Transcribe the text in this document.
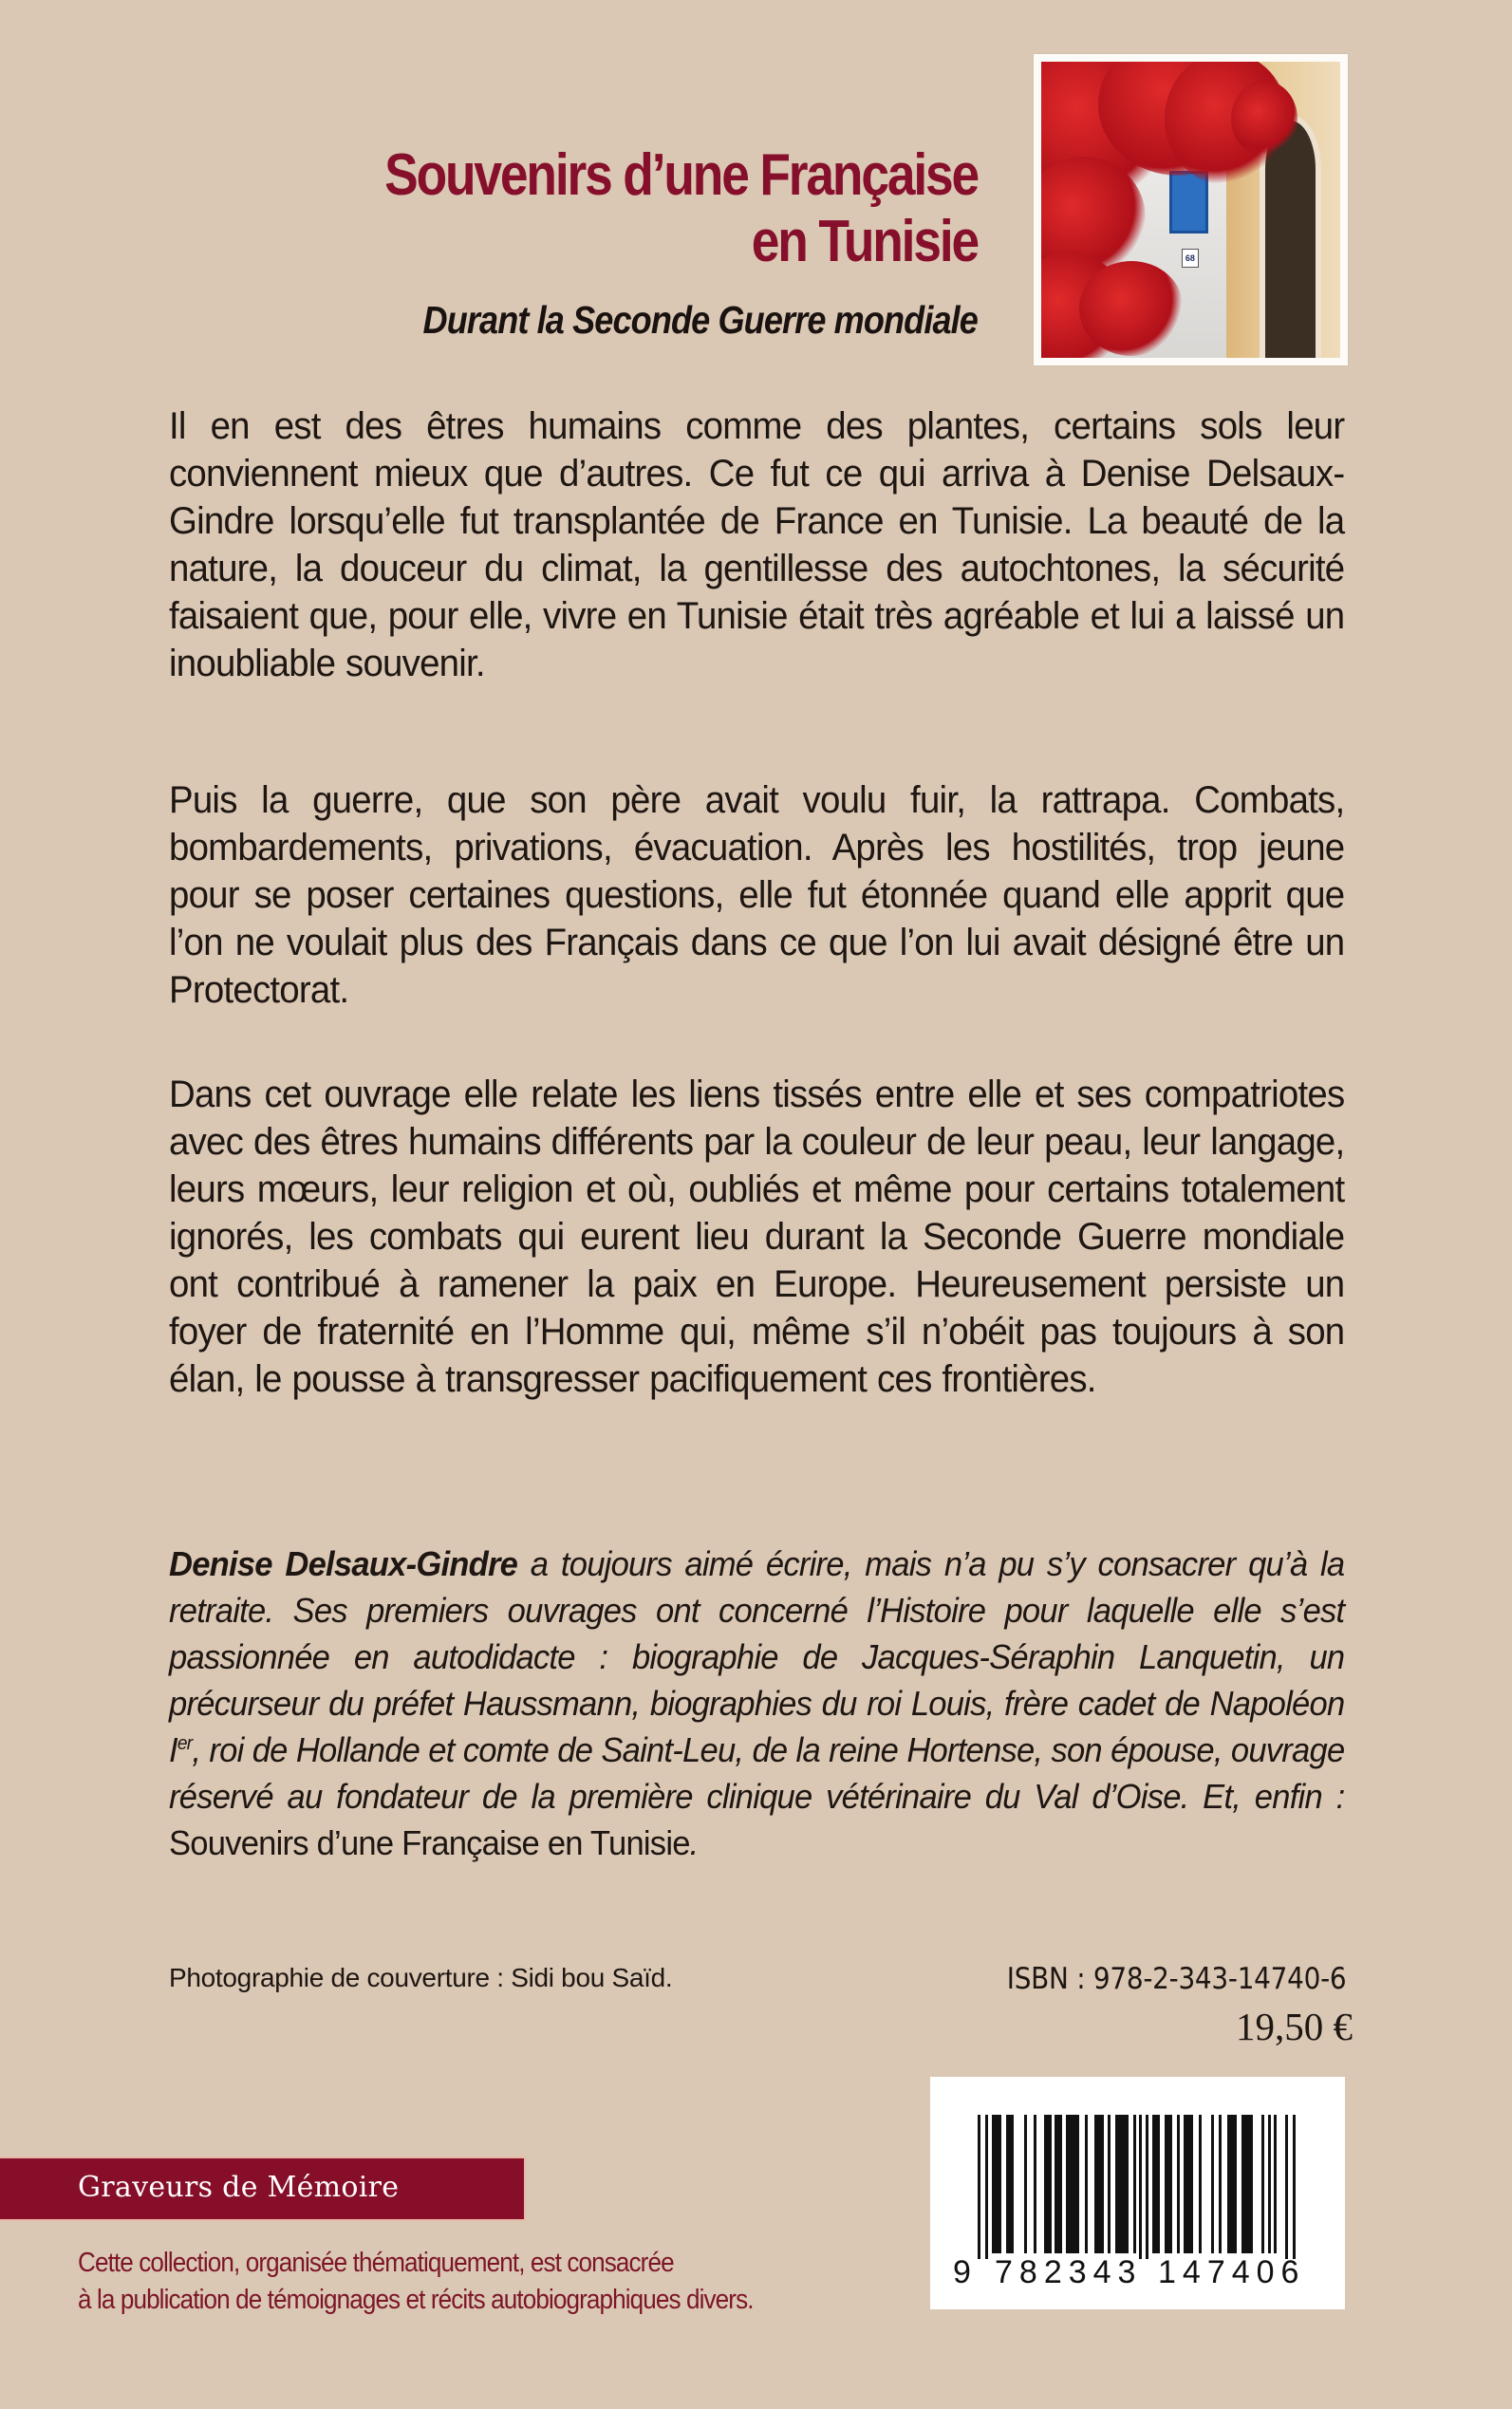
Souvenirs d’une Française
en Tunisie
Durant la Seconde Guerre mondiale
68

Il en est des êtres humains comme des plantes, certains sols leur conviennent mieux que d’autres. Ce fut ce qui arriva à Denise Delsaux-Gindre lorsqu’elle fut transplantée de France en Tunisie. La beauté de la nature, la douceur du climat, la gentillesse des autochtones, la sécurité faisaient que, pour elle, vivre en Tunisie était très agréable et lui a laissé un inoubliable souvenir.

Puis la guerre, que son père avait voulu fuir, la rattrapa. Combats, bombardements, privations, évacuation. Après les hostilités, trop jeune pour se poser certaines questions, elle fut étonnée quand elle apprit que l’on ne voulait plus des Français dans ce que l’on lui avait désigné être un Protectorat.

Dans cet ouvrage elle relate les liens tissés entre elle et ses compatriotes avec des êtres humains différents par la couleur de leur peau, leur langage, leurs mœurs, leur religion et où, oubliés et même pour certains totalement ignorés, les combats qui eurent lieu durant la Seconde Guerre mondiale ont contribué à ramener la paix en Europe. Heureusement persiste un foyer de fraternité en l’Homme qui, même s’il n’obéit pas toujours à son élan, le pousse à transgresser pacifiquement ces frontières.

Denise Delsaux-Gindre a toujours aimé écrire, mais n’a pu s’y consacrer qu’à la retraite. Ses premiers ouvrages ont concerné l’Histoire pour laquelle elle s’est passionnée en autodidacte : biographie de Jacques-Séraphin Lanquetin, un précurseur du préfet Haussmann, biographies du roi Louis, frère cadet de Napoléon Ier, roi de Hollande et comte de Saint-Leu, de la reine Hortense, son épouse, ouvrage réservé au fondateur de la première clinique vétérinaire du Val d’Oise. Et, enfin : Souvenirs d’une Française en Tunisie.

Photographie de couverture : Sidi bou Saïd.	ISBN : 978-2-343-14740-6
19,50 €
9 782343 147406
Graveurs de Mémoire
Cette collection, organisée thématiquement, est consacrée
à la publication de témoignages et récits autobiographiques divers.
